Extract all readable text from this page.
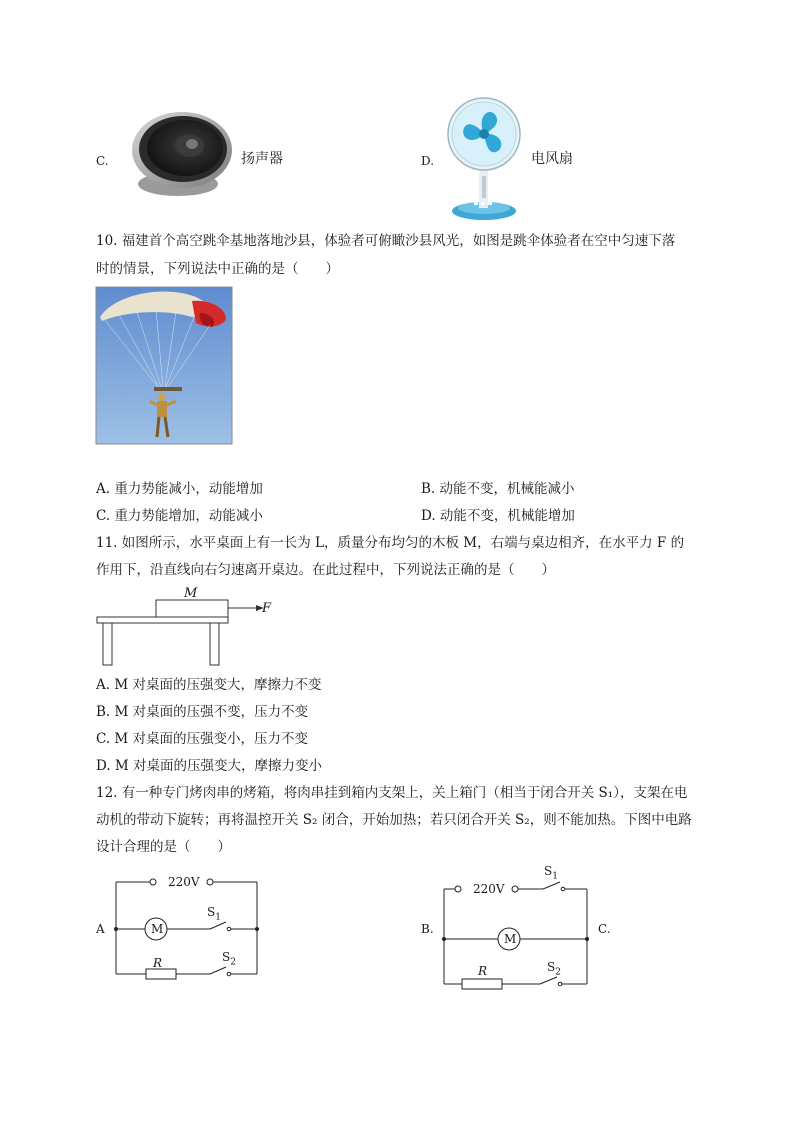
C.	扬声器	D.	电风扇
10. 福建首个高空跳伞基地落地沙县，体验者可俯瞰沙县风光，如图是跳伞体验者在空中匀速下落
时的情景，下列说法中正确的是（　　）
A. 重力势能减小，动能增加	B. 动能不变，机械能减小
C. 重力势能增加，动能减小	D. 动能不变，机械能增加
11. 如图所示，水平桌面上有一长为 L，质量分布均匀的木板 M，右端与桌边相齐，在水平力 F 的
作用下，沿直线向右匀速离开桌边。在此过程中，下列说法正确的是（　　）
M
F
A. M 对桌面的压强变大，摩擦力不变
B. M 对桌面的压强不变，压力不变
C. M 对桌面的压强变小，压力不变
D. M 对桌面的压强变大，摩擦力变小
12. 有一种专门烤肉串的烤箱，将肉串挂到箱内支架上，关上箱门（相当于闭合开关 S₁），支架在电
动机的带动下旋转；再将温控开关 S₂ 闭合，开始加热；若只闭合开关 S₂，则不能加热。下图中电路
设计合理的是（　　）
A
220V
M
$S_1$
R	$S_2$
B.	C.
220V
$S_1$
M
R	$S_2$
